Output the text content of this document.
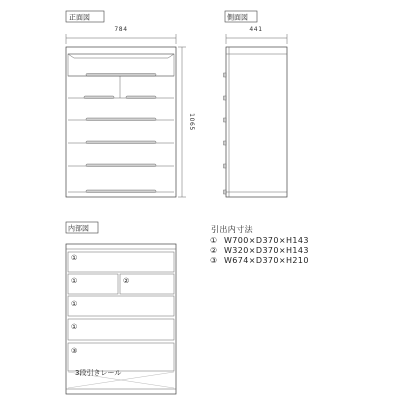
正面図
784
1065
側面図
441
内部図
①
①	②
①
①
③
3段引きレール
引出内寸法
① W700×D370×H143
② W320×D370×H143
③ W674×D370×H210
